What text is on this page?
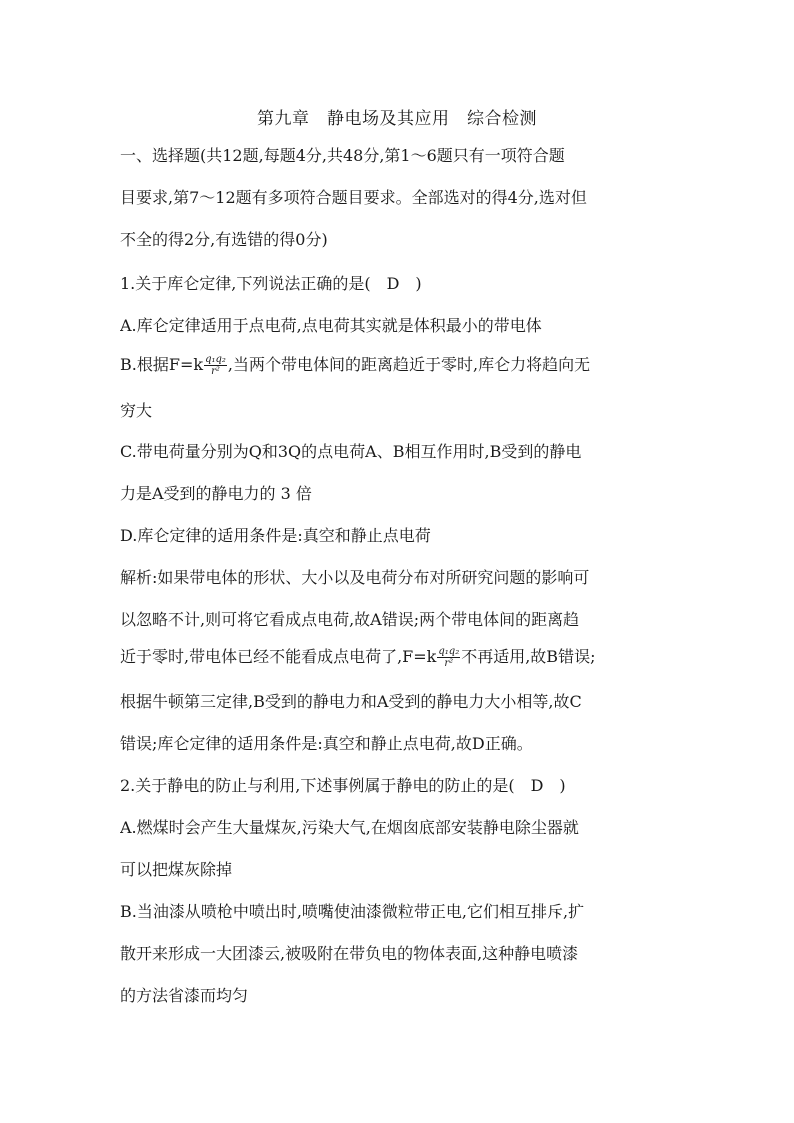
第九章　静电场及其应用　综合检测
一、选择题(共12题,每题4分,共48分,第1～6题只有一项符合题
目要求,第7～12题有多项符合题目要求。全部选对的得4分,选对但
不全的得2分,有选错的得0分)
1.关于库仑定律,下列说法正确的是(　D　)
A.库仑定律适用于点电荷,点电荷其实就是体积最小的带电体
B.根据$F=k \frac{\text{q₁q₂}}{\text{r²}}$ ,当两个带电体间的距离趋近于零时,库仑力将趋向无
穷大
C.带电荷量分别为Q和3Q的点电荷A、B相互作用时,B受到的静电
力是A受到的静电力的 3 倍
D.库仑定律的适用条件是:真空和静止点电荷
解析:如果带电体的形状、大小以及电荷分布对所研究问题的影响可
以忽略不计,则可将它看成点电荷,故A错误;两个带电体间的距离趋
近于零时,带电体已经不能看成点电荷了$,F=k \frac{\text{q₁q₂}}{\text{r²}}$ 不再适用,故B错误;
根据牛顿第三定律,B受到的静电力和A受到的静电力大小相等,故C
错误;库仑定律的适用条件是:真空和静止点电荷,故D正确。
2.关于静电的防止与利用,下述事例属于静电的防止的是(　D　)
A.燃煤时会产生大量煤灰,污染大气,在烟囱底部安装静电除尘器就
可以把煤灰除掉
B.当油漆从喷枪中喷出时,喷嘴使油漆微粒带正电,它们相互排斥,扩
散开来形成一大团漆云,被吸附在带负电的物体表面,这种静电喷漆
的方法省漆而均匀
